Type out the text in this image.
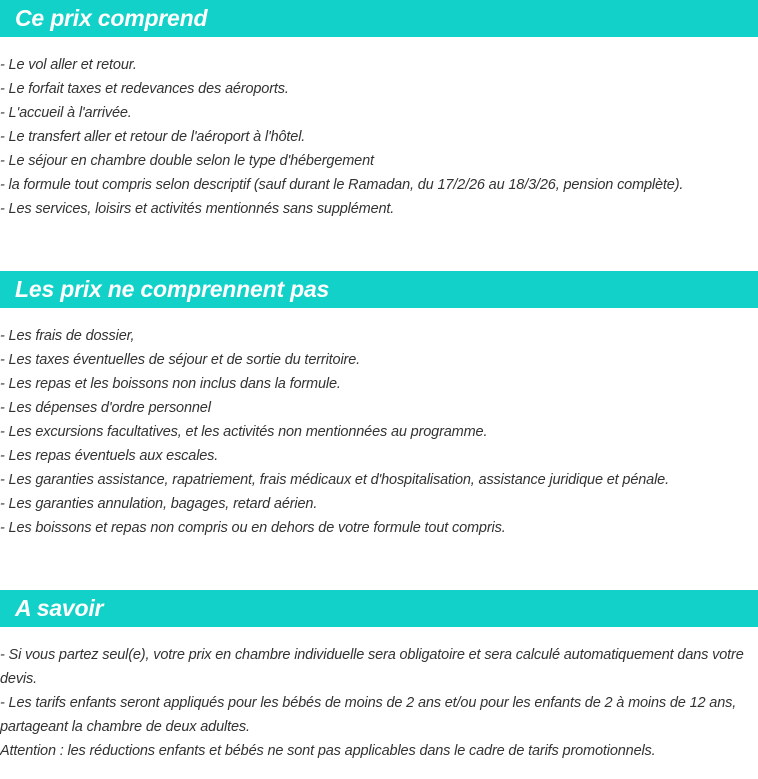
Ce prix comprend
- Le vol aller et retour.
- Le forfait taxes et redevances des aéroports.
- L'accueil à l'arrivée.
- Le transfert aller et retour de l'aéroport à l'hôtel.
- Le séjour en chambre double selon le type d'hébergement
- la formule tout compris selon descriptif (sauf durant le Ramadan, du 17/2/26 au 18/3/26, pension complète).
- Les services, loisirs et activités mentionnés sans supplément.
Les prix ne comprennent pas
- Les frais de dossier,
- Les taxes éventuelles de séjour et de sortie du territoire.
- Les repas et les boissons non inclus dans la formule.
- Les dépenses d'ordre personnel
- Les excursions facultatives, et les activités non mentionnées au programme.
- Les repas éventuels aux escales.
- Les garanties assistance, rapatriement, frais médicaux et d'hospitalisation, assistance juridique et pénale.
- Les garanties annulation, bagages, retard aérien.
- Les boissons et repas non compris ou en dehors de votre formule tout compris.
A savoir
- Si vous partez seul(e), votre prix en chambre individuelle sera obligatoire et sera calculé automatiquement dans votre devis.
- Les tarifs enfants seront appliqués pour les bébés de moins de 2 ans et/ou pour les enfants de 2 à moins de 12 ans, partageant la chambre de deux adultes.
Attention : les réductions enfants et bébés ne sont pas applicables dans le cadre de tarifs promotionnels.
